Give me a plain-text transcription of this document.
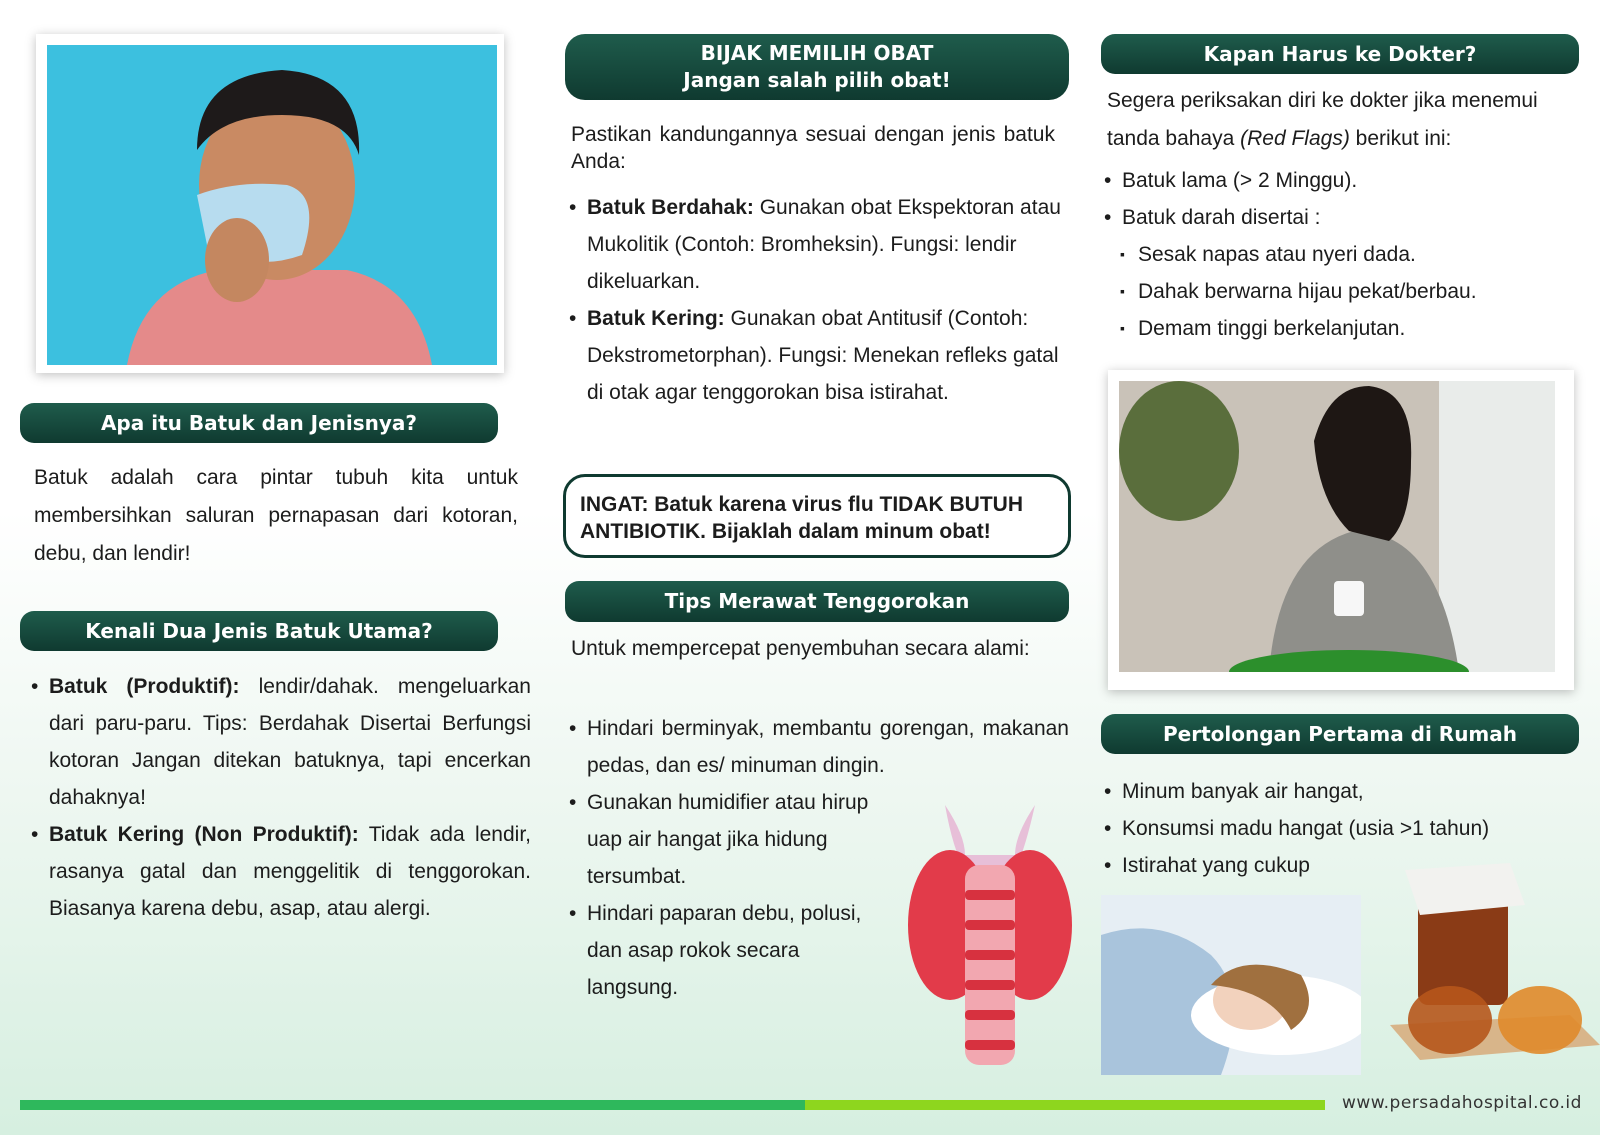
Apa itu Batuk dan Jenisnya?

Batuk adalah cara pintar tubuh kita untuk membersihkan saluran pernapasan dari kotoran, debu, dan lendir!

Kenali Dua Jenis Batuk Utama?
• Batuk (Produktif): lendir/dahak. mengeluarkan dari paru-paru. Tips: Berdahak Disertai Berfungsi kotoran Jangan ditekan batuknya, tapi encerkan dahaknya!
• Batuk Kering (Non Produktif): Tidak ada lendir, rasanya gatal dan menggelitik di tenggorokan. Biasanya karena debu, asap, atau alergi.
BIJAK MEMILIH OBAT
Jangan salah pilih obat!

Pastikan kandungannya sesuai dengan jenis batuk Anda:

• Batuk Berdahak: Gunakan obat Ekspektoran atau Mukolitik (Contoh: Bromheksin). Fungsi: lendir dikeluarkan.
• Batuk Kering: Gunakan obat Antitusif (Contoh: Dekstrometorphan). Fungsi: Menekan refleks gatal di otak agar tenggorokan bisa istirahat.
INGAT: Batuk karena virus flu TIDAK BUTUH ANTIBIOTIK. Bijaklah dalam minum obat!
Tips Merawat Tenggorokan

Untuk mempercepat penyembuhan secara alami:

• Hindari berminyak, membantu gorengan, makanan pedas, dan es/ minuman dingin.
• Gunakan humidifier atau hirup uap air hangat jika hidung tersumbat.
• Hindari paparan debu, polusi, dan asap rokok secara langsung.
Kapan Harus ke Dokter?

Segera periksakan diri ke dokter jika menemui tanda bahaya (Red Flags) berikut ini:

• Batuk lama (> 2 Minggu).
• Batuk darah disertai :
▪ Sesak napas atau nyeri dada.
▪ Dahak berwarna hijau pekat/berbau.
▪ Demam tinggi berkelanjutan.
Pertolongan Pertama di Rumah
• Minum banyak air hangat,
• Konsumsi madu hangat (usia >1 tahun)
• Istirahat yang cukup
www.persadahospital.co.id
